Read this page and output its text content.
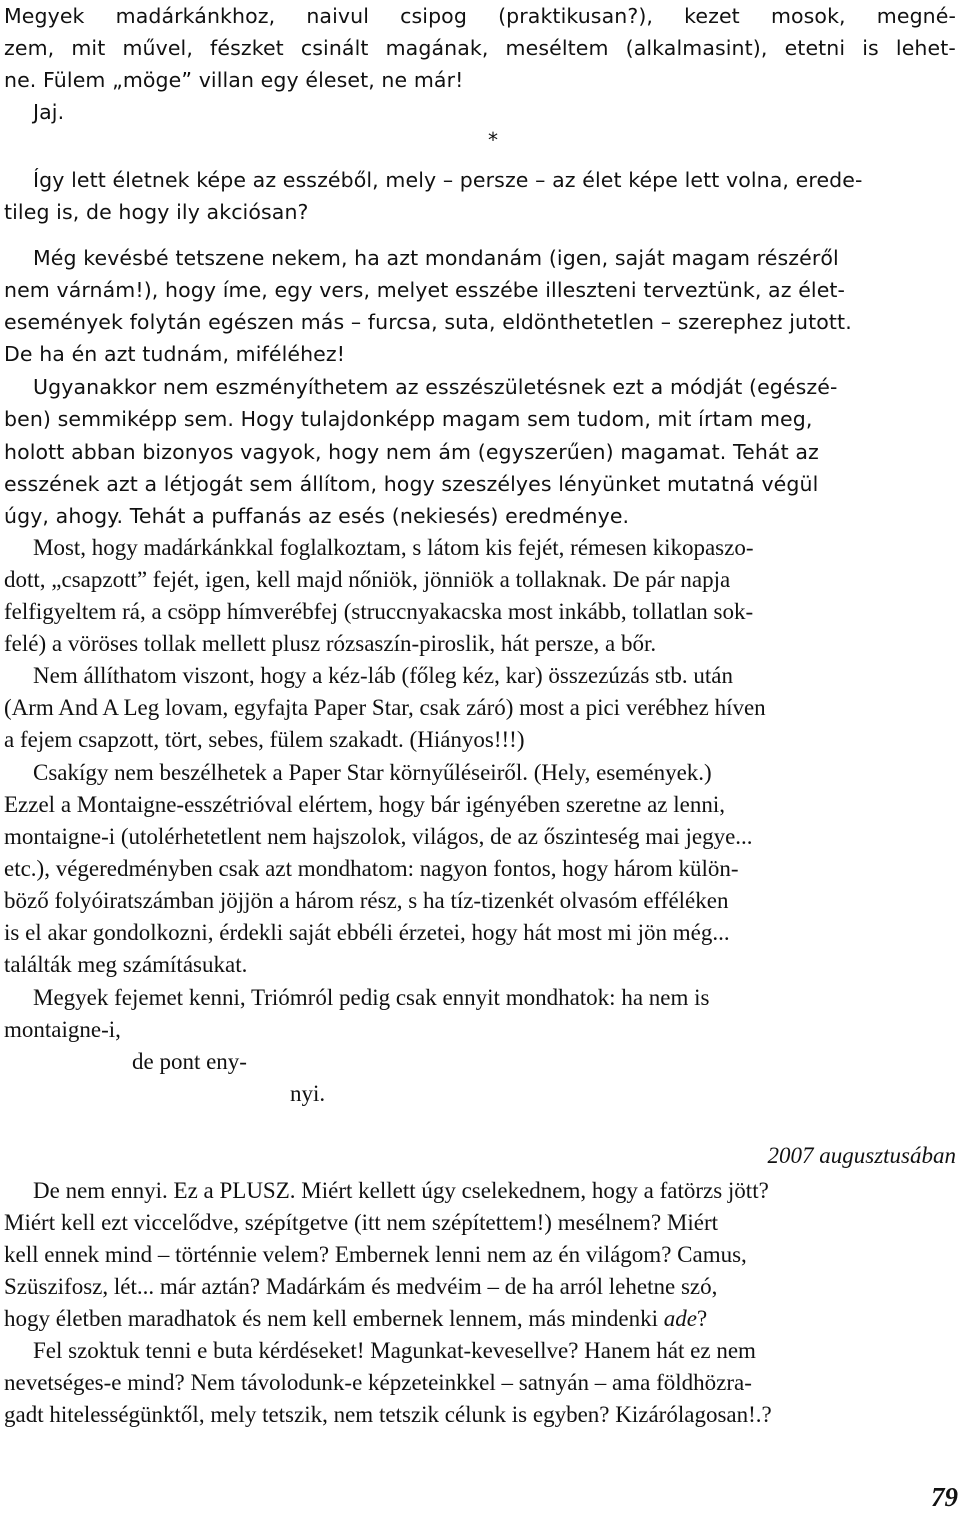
Megyek madárkánkhoz, naivul csipog (praktikusan?), kezet mosok, megné-
zem, mit művel, fészket csinált magának, meséltem (alkalmasint), etetni is lehet-
ne. Fülem „möge” villan egy éleset, ne már!
Jaj.
*
Így lett életnek képe az esszéből, mely – persze – az élet képe lett volna, erede-
tileg is, de hogy ily akciósan?
Még kevésbé tetszene nekem, ha azt mondanám (igen, saját magam részéről
nem várnám!), hogy íme, egy vers, melyet esszébe illeszteni terveztünk, az élet-
események folytán egészen más – furcsa, suta, eldönthetetlen – szerephez jutott.
De ha én azt tudnám, miféléhez!
Ugyanakkor nem eszményíthetem az esszészületésnek ezt a módját (egészé-
ben) semmiképp sem. Hogy tulajdonképp magam sem tudom, mit írtam meg,
holott abban bizonyos vagyok, hogy nem ám (egyszerűen) magamat. Tehát az
esszének azt a létjogát sem állítom, hogy szeszélyes lényünket mutatná végül
úgy, ahogy. Tehát a puffanás az esés (nekiesés) eredménye.
Most, hogy madárkánkkal foglalkoztam, s látom kis fejét, rémesen kikopaszo-
dott, „csapzott” fejét, igen, kell majd nőniök, jönniök a tollaknak. De pár napja
felfigyeltem rá, a csöpp hímverébfej (struccnyakacska most inkább, tollatlan sok-
felé) a vöröses tollak mellett plusz rózsaszín-piroslik, hát persze, a bőr.
Nem állíthatom viszont, hogy a kéz-láb (főleg kéz, kar) összezúzás stb. után
(Arm And A Leg lovam, egyfajta Paper Star, csak záró) most a pici verébhez híven
a fejem csapzott, tört, sebes, fülem szakadt. (Hiányos!!!)
Csakígy nem beszélhetek a Paper Star környűléseiről. (Hely, események.)
Ezzel a Montaigne-esszétrióval elértem, hogy bár igényében szeretne az lenni,
montaigne-i (utolérhetetlent nem hajszolok, világos, de az őszinteség mai jegye...
etc.), végeredményben csak azt mondhatom: nagyon fontos, hogy három külön-
böző folyóiratszámban jöjjön a három rész, s ha tíz-tizenkét olvasóm efféléken
is el akar gondolkozni, érdekli saját ebbéli érzetei, hogy hát most mi jön még...
találták meg számításukat.
Megyek fejemet kenni, Triómról pedig csak ennyit mondhatok: ha nem is
montaigne-i,
de pont eny-
nyi.
2007 augusztusában
De nem ennyi. Ez a PLUSZ. Miért kellett úgy cselekednem, hogy a fatörzs jött?
Miért kell ezt viccelődve, szépítgetve (itt nem szépítettem!) mesélnem? Miért
kell ennek mind – történnie velem? Embernek lenni nem az én világom? Camus,
Szüszifosz, lét... már aztán? Madárkám és medvéim – de ha arról lehetne szó,
hogy életben maradhatok és nem kell embernek lennem, más mindenki ade?
Fel szoktuk tenni e buta kérdéseket! Magunkat-kevesellve? Hanem hát ez nem
nevetséges-e mind? Nem távolodunk-e képzeteinkkel – satnyán – ama földhözra-
gadt hitelességünktől, mely tetszik, nem tetszik célunk is egyben? Kizárólagosan!.?
79
